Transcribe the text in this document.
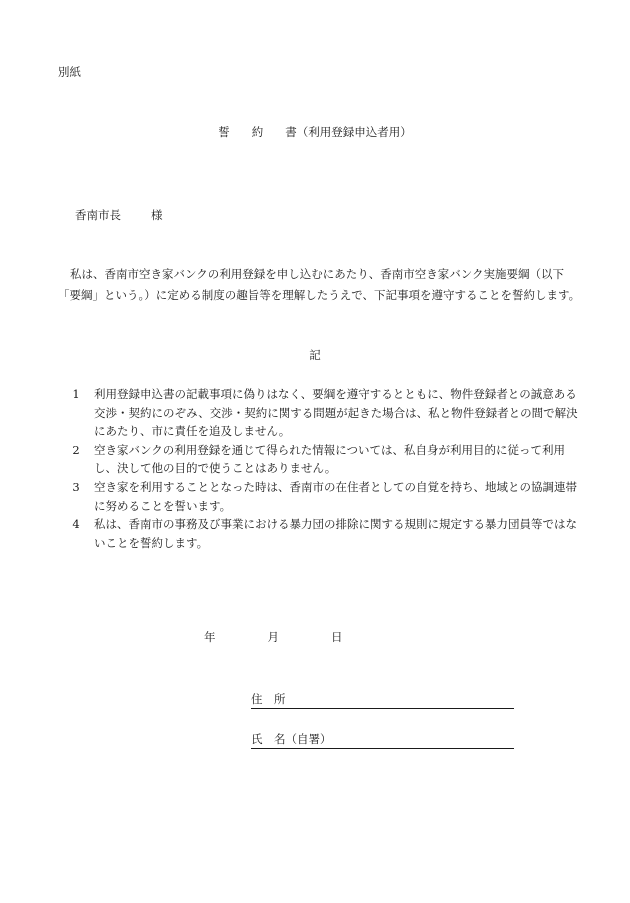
別紙
誓 約 書（利用登録申込者用）
香南市長	様

私は、香南市空き家バンクの利用登録を申し込むにあたり、香南市空き家バンク実施要綱（以下「要綱」という。）に定める制度の趣旨等を理解したうえで、下記事項を遵守することを誓約します。

記
1	利用登録申込書の記載事項に偽りはなく、要綱を遵守するとともに、物件登録者との誠意ある交渉・契約にのぞみ、交渉・契約に関する問題が起きた場合は、私と物件登録者との間で解決にあたり、市に責任を追及しません。
2	空き家バンクの利用登録を通じて得られた情報については、私自身が利用目的に従って利用し、決して他の目的で使うことはありません。
3	空き家を利用することとなった時は、香南市の在住者としての自覚を持ち、地域との協調連帯に努めることを誓います。
4	私は、香南市の事務及び事業における暴力団の排除に関する規則に規定する暴力団員等ではないことを誓約します。
年	月	日
住　所
氏　名（自署）
